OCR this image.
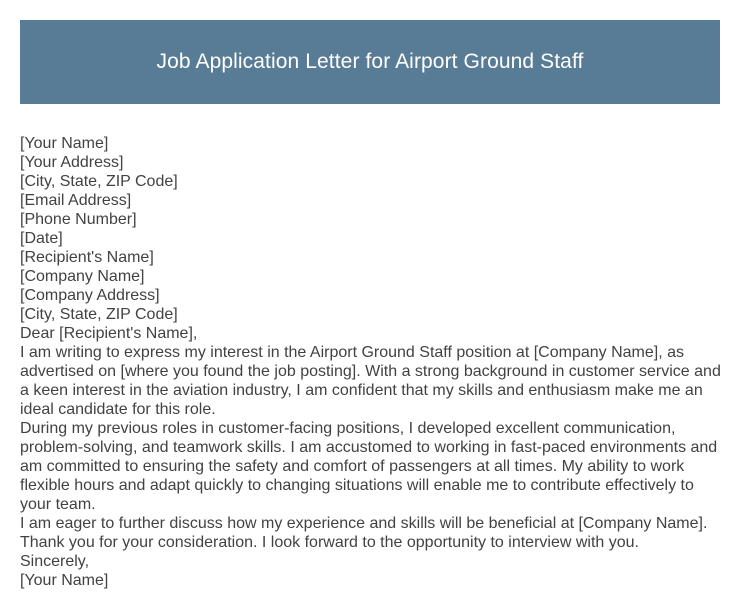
Job Application Letter for Airport Ground Staff

[Your Name]

[Your Address]

[City, State, ZIP Code]

[Email Address]

[Phone Number]

[Date]

[Recipient's Name]

[Company Name]

[Company Address]

[City, State, ZIP Code]

Dear [Recipient's Name],

I am writing to express my interest in the Airport Ground Staff position at [Company Name], as advertised on [where you found the job posting]. With a strong background in customer service and a keen interest in the aviation industry, I am confident that my skills and enthusiasm make me an ideal candidate for this role.

During my previous roles in customer-facing positions, I developed excellent communication, problem-solving, and teamwork skills. I am accustomed to working in fast-paced environments and am committed to ensuring the safety and comfort of passengers at all times. My ability to work flexible hours and adapt quickly to changing situations will enable me to contribute effectively to your team.

I am eager to further discuss how my experience and skills will be beneficial at [Company Name]. Thank you for your consideration. I look forward to the opportunity to interview with you.

Sincerely,

[Your Name]
